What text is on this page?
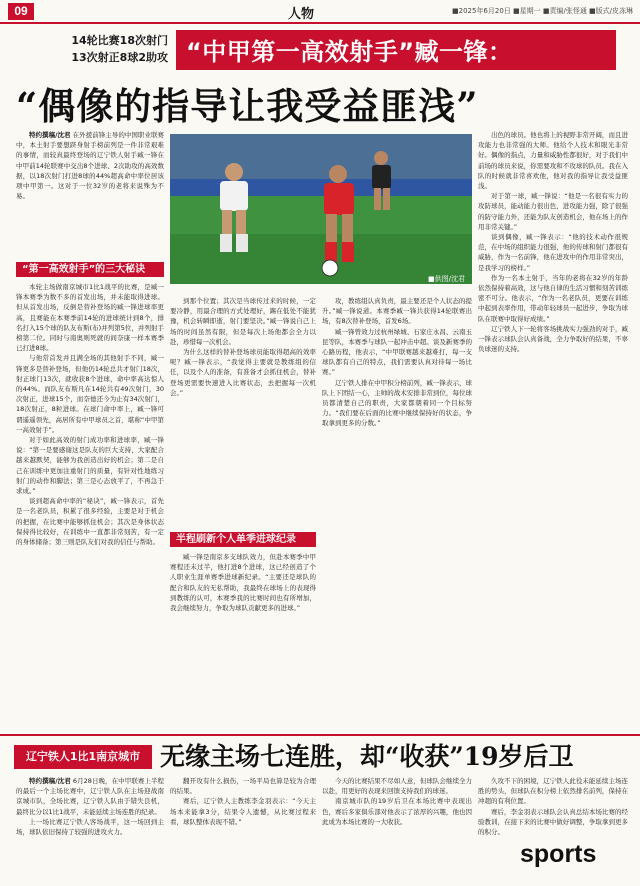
09	人物	■2025年6月20日 ■星期一 ■责编/张怪通 ■版式/皮冻琳
14轮比赛18次射门
13次射正8球2助攻 “中甲第一高效射手”臧一锋：
“偶像的指导让我受益匪浅”

特约撰稿/沈君 在外援前锋主导的中国职业联赛中，本土射手要想跻身射手榜前列是一件非常艰难的事情，而较真最终登场的辽宁铁人射手臧一锋在中甲前14轮联赛中交出8个进球、2次助攻的高效数据，以18次射门打进8球的44%超高命中率位居该项中甲第一。这对于一位32岁的老将来说殊为不易。

“第一高效射手”的三大秘诀

本轮主场做南京城市1比1战平的比赛，是臧一锋本赛季为数不多的首发出场，并未能取得进球。但从首发出场，反倒是替补登场的臧一锋进球率更高，且赛能在本赛季前14轮的进球统计到8个，排名打入15个球的队友布斯(布)并列第5位，并列射手榜第二位。同时与南奥则死就的间奈康一样本赛季已打进8球。

与他常首发并且满全场的其他射手不同，臧一锋更多是替补登场，但他仍14轮总共才射门18次，射正球门13次，就收获8个进球，命中率高达惊人的44%。而队友布斯凡在14轮共有49次射门，30次射正，进球15个，而奈德还今为止有34次射门，18次射正，8粒进球。在球门命中率上，臧一锋可谓遥遥领先，高居所有中甲球员之首，堪称“中甲第一高效射手”。

对于如此高效的射门成功率和进球率，臧一锋说：“第一是要感谢这是队友的巨大支持，大家配合越来越默契，能够为我创造出好的机会；第二是自己在训练中更加注重射门的质量，有针对性地练习射门的动作和脚法；第三是心态放平了，不再急于求成。”

谈到超高命中率的“秘诀”，臧一锋表示，首先是一名老队员，积累了很多经验，主要是对于机会的把握，在比赛中能够抓住机会；其次是身体状态保持得比较好，在训练中一直都非常刻苦，有一定的身体储备；第三则是队友们对我的信任与帮助。

■供图/沈君

到那个位置；其次是当球传过来的时候，一定要冷静，用最合理的方式处理好，踢在低处不能犹豫，机会转瞬即逝，射门要坚决。”臧一锋说自己上场的时间虽然有限，但是每次上场他都会全力以赴，珍惜每一次机会。

为什么这样的替补登场球员能取得超高的效率呢？臧一锋表示，“我觉得主要就是教练组的信任，以及个人的准备，有准备才会抓住机会，替补登场更需要快速进入比赛状态，去把握每一次机会。”

半程刷新个人单季进球纪录

臧一锋是南京多支球队效力，但赴本赛季中甲赛程还未过半，他打进8个进球，这已经创造了个人职业生涯单赛季进球新纪录。“主要还是球队的配合和队友的无私帮助，我最终在球场上的表现得到教练的认可，本赛季我的比赛时间也有所增加，我会继续努力，争取为球队贡献更多的进球。”

攻，教练组认真负责，最主要还是个人状态的提升。”臧一锋说道。本赛季臧一锋共获得14轮联赛出场，有8次替补登场，首发6场。

臧一锋曾效力过杭州绿城、石家庄永昌、云南玉昆等队，本赛季与球队一起冲击中超。谈及新赛季的心路历程，他表示，“中甲联赛越来越难打，每一支球队都有自己的特点，我们需要认真对待每一场比赛。”

辽宁铁人排在中甲积分榜前列，臧一锋表示，球队上下团结一心，主帅的战术安排非常到位，每位球员都清楚自己的职责，大家都朝着同一个目标努力。“我们要在后面的比赛中继续保持好的状态，争取拿到更多的分数。”

出色的球员。他也将上的视野非常开阔，而且进攻能力也非常强的大师。他给个人技术和眼光非常好。偶像的指点，力量和威胁性都很好，对于我们中前场的球员来说，你需要攻和不攻球的队员。我在入队的时候就非常喜欢他，他对我的指导让我受益匪浅。

对于第一球，臧一锋说：“他是一名很有实力的攻防球员，能动能力很出色，进攻能力强，除了很强的防守能力外，还能为队友创造机会，他在场上的作用非常关键。”

谈到偶像，臧一锋表示：“他的技术动作很规范，在中场的组织能力很强，他的传球和射门都很有威胁，作为一名前锋，他在进攻中的作用非常突出，是我学习的榜样。”

作为一名本土射手，当年的老将在32岁的年龄依然保持着高效，这与他自律的生活习惯和刻苦训练密不可分。他表示，“作为一名老队员，更要在训练中起到表率作用，带动年轻球员一起进步，争取为球队在联赛中取得好成绩。”

辽宁铁人下一轮将客场挑战实力强劲的对手，臧一锋表示球队会认真备战，全力争取好的结果，不辜负球迷的支持。

辽宁铁人1比1南京城市 无缘主场七连胜，却“收获”19岁后卫

特约撰稿/沈君 6月28日晚，在中甲联赛上半程的最后一个主场比赛中，辽宁铁人队在主场迎战南京城市队，全场比赛，辽宁铁人队由于错失良机，最终比分以1比1战平，未能延续主场连胜的纪录。

上一场比赛辽宁铁人客场战平，这一场回到主场，球队依旧保持了较强的进攻火力。

翻开攻有什么损伤，一场平局也算是较为合理的结果。

赛后，辽宁铁人主教练李金羽表示：“今天主场本来能拿3分，结果令人遗憾，从比赛过程来看，球队整体表现不错。”

今天的比赛结果不尽如人意，但球队会继续全力以赴，用更好的表现来回馈支持我们的球迷。

南京城市队的19岁后卫在本场比赛中表现出色，赛后多家俱乐部对他表示了浓厚的兴趣，他也因此成为本场比赛的一大收获。

久攻不下的困境，辽宁铁人此役未能延续主场连胜的势头，但球队在积分榜上依然排名前列，保持在冲超的有利位置。

赛后，李金羽表示球队会认真总结本场比赛的经验教训，在接下来的比赛中做好调整，争取拿到更多的积分。

sports
